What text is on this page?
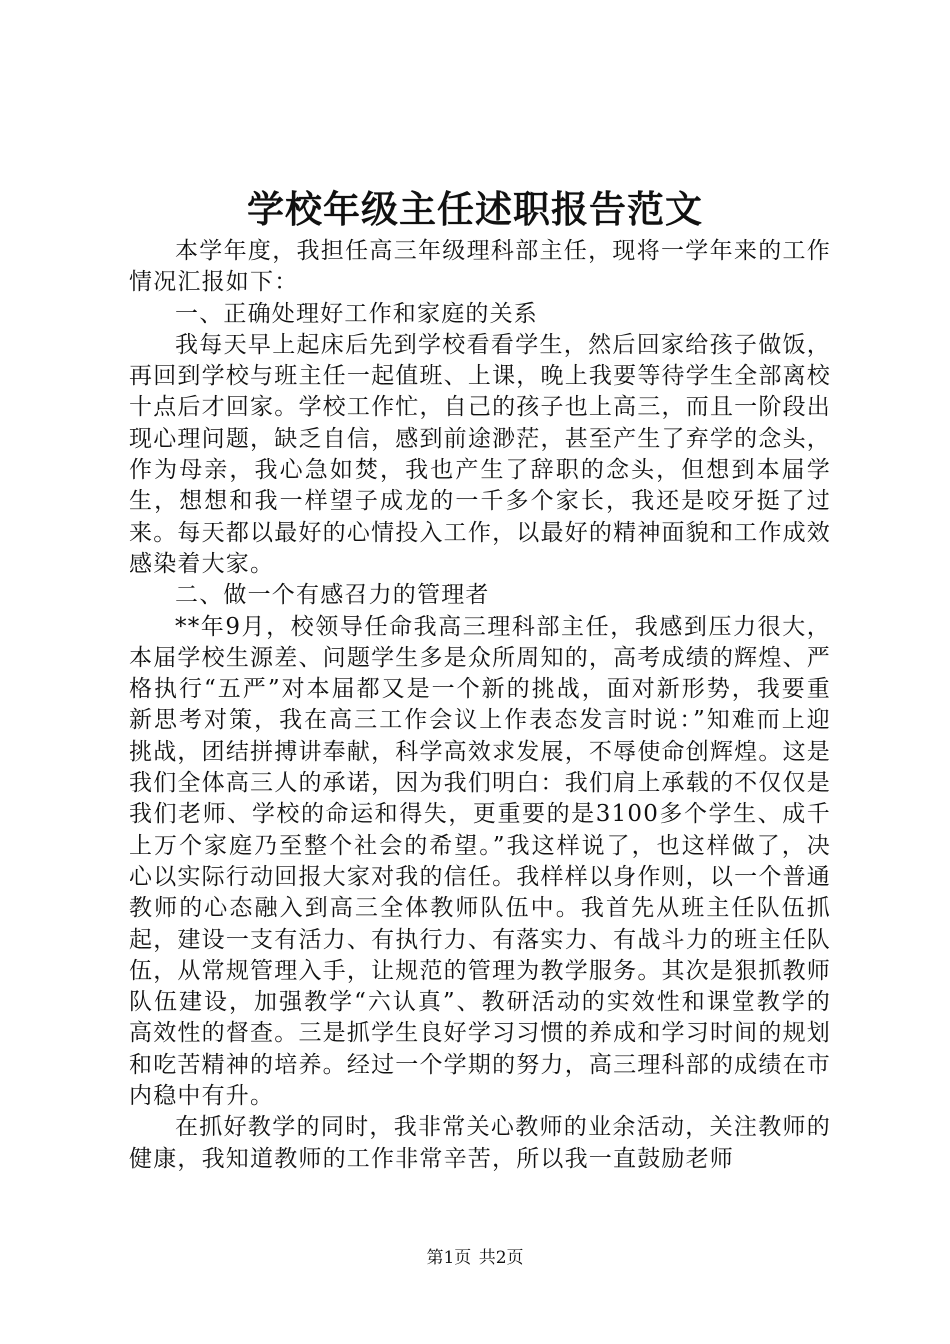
学校年级主任述职报告范文

本学年度，我担任高三年级理科部主任，现将一学年来的工作情况汇报如下：

一、正确处理好工作和家庭的关系

我每天早上起床后先到学校看看学生，然后回家给孩子做饭，再回到学校与班主任一起值班、上课，晚上我要等待学生全部离校十点后才回家。学校工作忙，自己的孩子也上高三，而且一阶段出现心理问题，缺乏自信，感到前途渺茫，甚至产生了弃学的念头，作为母亲，我心急如焚，我也产生了辞职的念头，但想到本届学生，想想和我一样望子成龙的一千多个家长，我还是咬牙挺了过来。每天都以最好的心情投入工作，以最好的精神面貌和工作成效感染着大家。

二、做一个有感召力的管理者

**年9月，校领导任命我高三理科部主任，我感到压力很大，本届学校生源差、问题学生多是众所周知的，高考成绩的辉煌、严格执行“五严”对本届都又是一个新的挑战，面对新形势，我要重新思考对策，我在高三工作会议上作表态发言时说：”知难而上迎挑战，团结拼搏讲奉献，科学高效求发展，不辱使命创辉煌。这是我们全体高三人的承诺，因为我们明白：我们肩上承载的不仅仅是我们老师、学校的命运和得失，更重要的是3100多个学生、成千上万个家庭乃至整个社会的希望。”我这样说了，也这样做了，决心以实际行动回报大家对我的信任。我样样以身作则，以一个普通教师的心态融入到高三全体教师队伍中。我首先从班主任队伍抓起，建设一支有活力、有执行力、有落实力、有战斗力的班主任队伍，从常规管理入手，让规范的管理为教学服务。其次是狠抓教师队伍建设，加强教学“六认真”、教研活动的实效性和课堂教学的高效性的督查。三是抓学生良好学习习惯的养成和学习时间的规划和吃苦精神的培养。经过一个学期的努力，高三理科部的成绩在市内稳中有升。

在抓好教学的同时，我非常关心教师的业余活动，关注教师的健康，我知道教师的工作非常辛苦，所以我一直鼓励老师

第1页 共2页
